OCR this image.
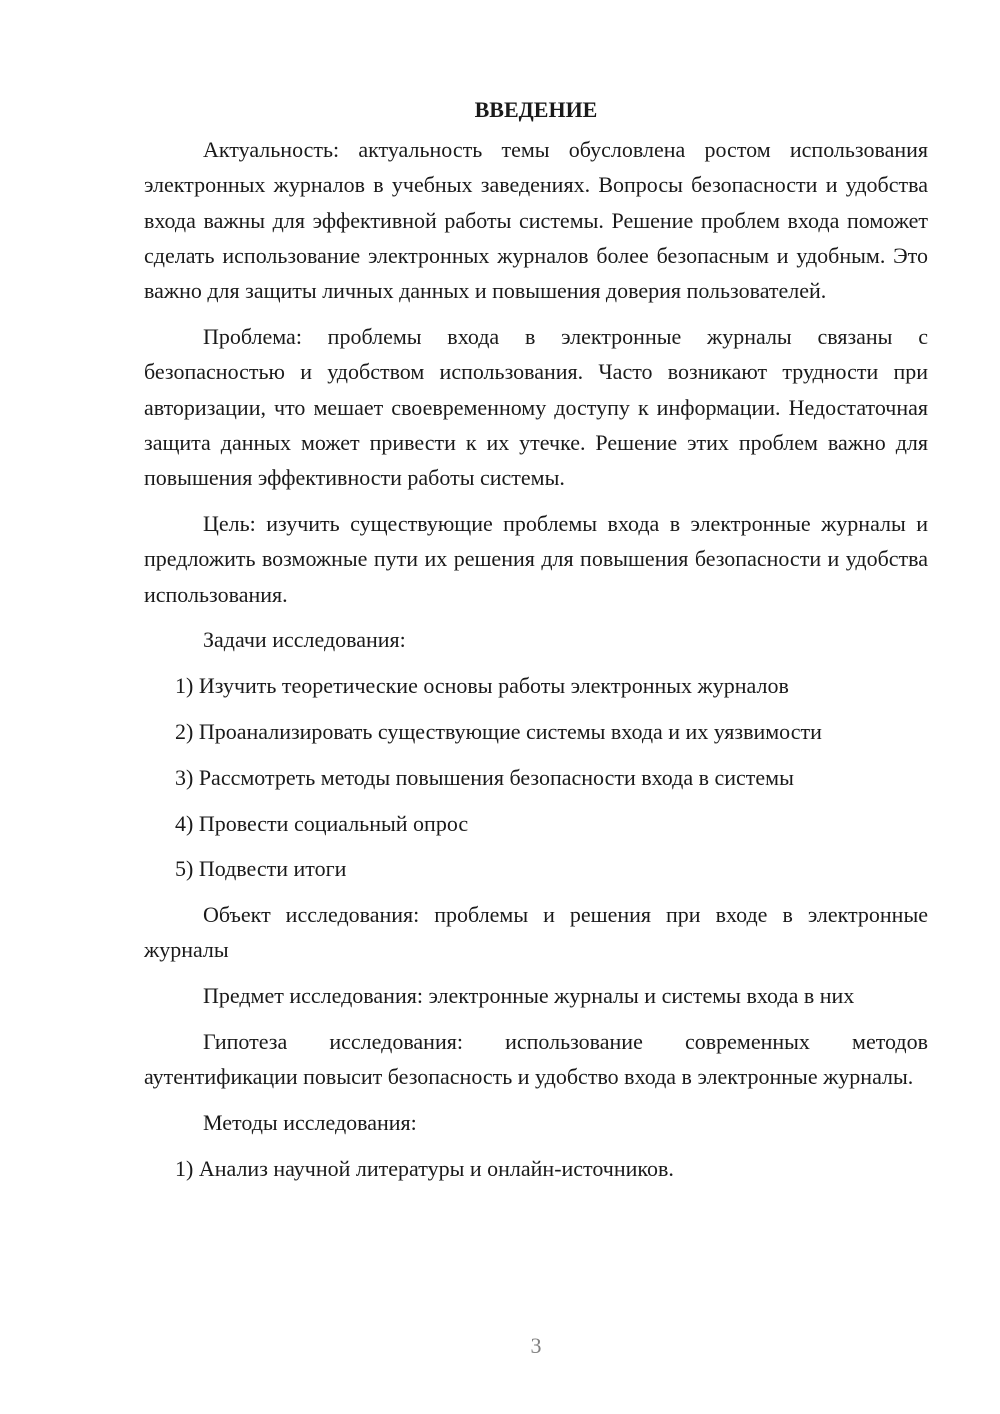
ВВЕДЕНИЕ

Актуальность: актуальность темы обусловлена ростом использования электронных журналов в учебных заведениях. Вопросы безопасности и удобства входа важны для эффективной работы системы. Решение проблем входа поможет сделать использование электронных журналов более безопасным и удобным. Это важно для защиты личных данных и повышения доверия пользователей.

Проблема: проблемы входа в электронные журналы связаны с безопасностью и удобством использования. Часто возникают трудности при авторизации, что мешает своевременному доступу к информации. Недостаточная защита данных может привести к их утечке. Решение этих проблем важно для повышения эффективности работы системы.

Цель: изучить существующие проблемы входа в электронные журналы и предложить возможные пути их решения для повышения безопасности и удобства использования.

Задачи исследования:

1) Изучить теоретические основы работы электронных журналов

2) Проанализировать существующие системы входа и их уязвимости

3) Рассмотреть методы повышения безопасности входа в системы

4) Провести социальный опрос

5) Подвести итоги

Объект исследования: проблемы и решения при входе в электронные журналы

Предмет исследования: электронные журналы и системы входа в них

Гипотеза исследования: использование современных методов аутентификации повысит безопасность и удобство входа в электронные журналы.

Методы исследования:

1) Анализ научной литературы и онлайн-источников.

3
